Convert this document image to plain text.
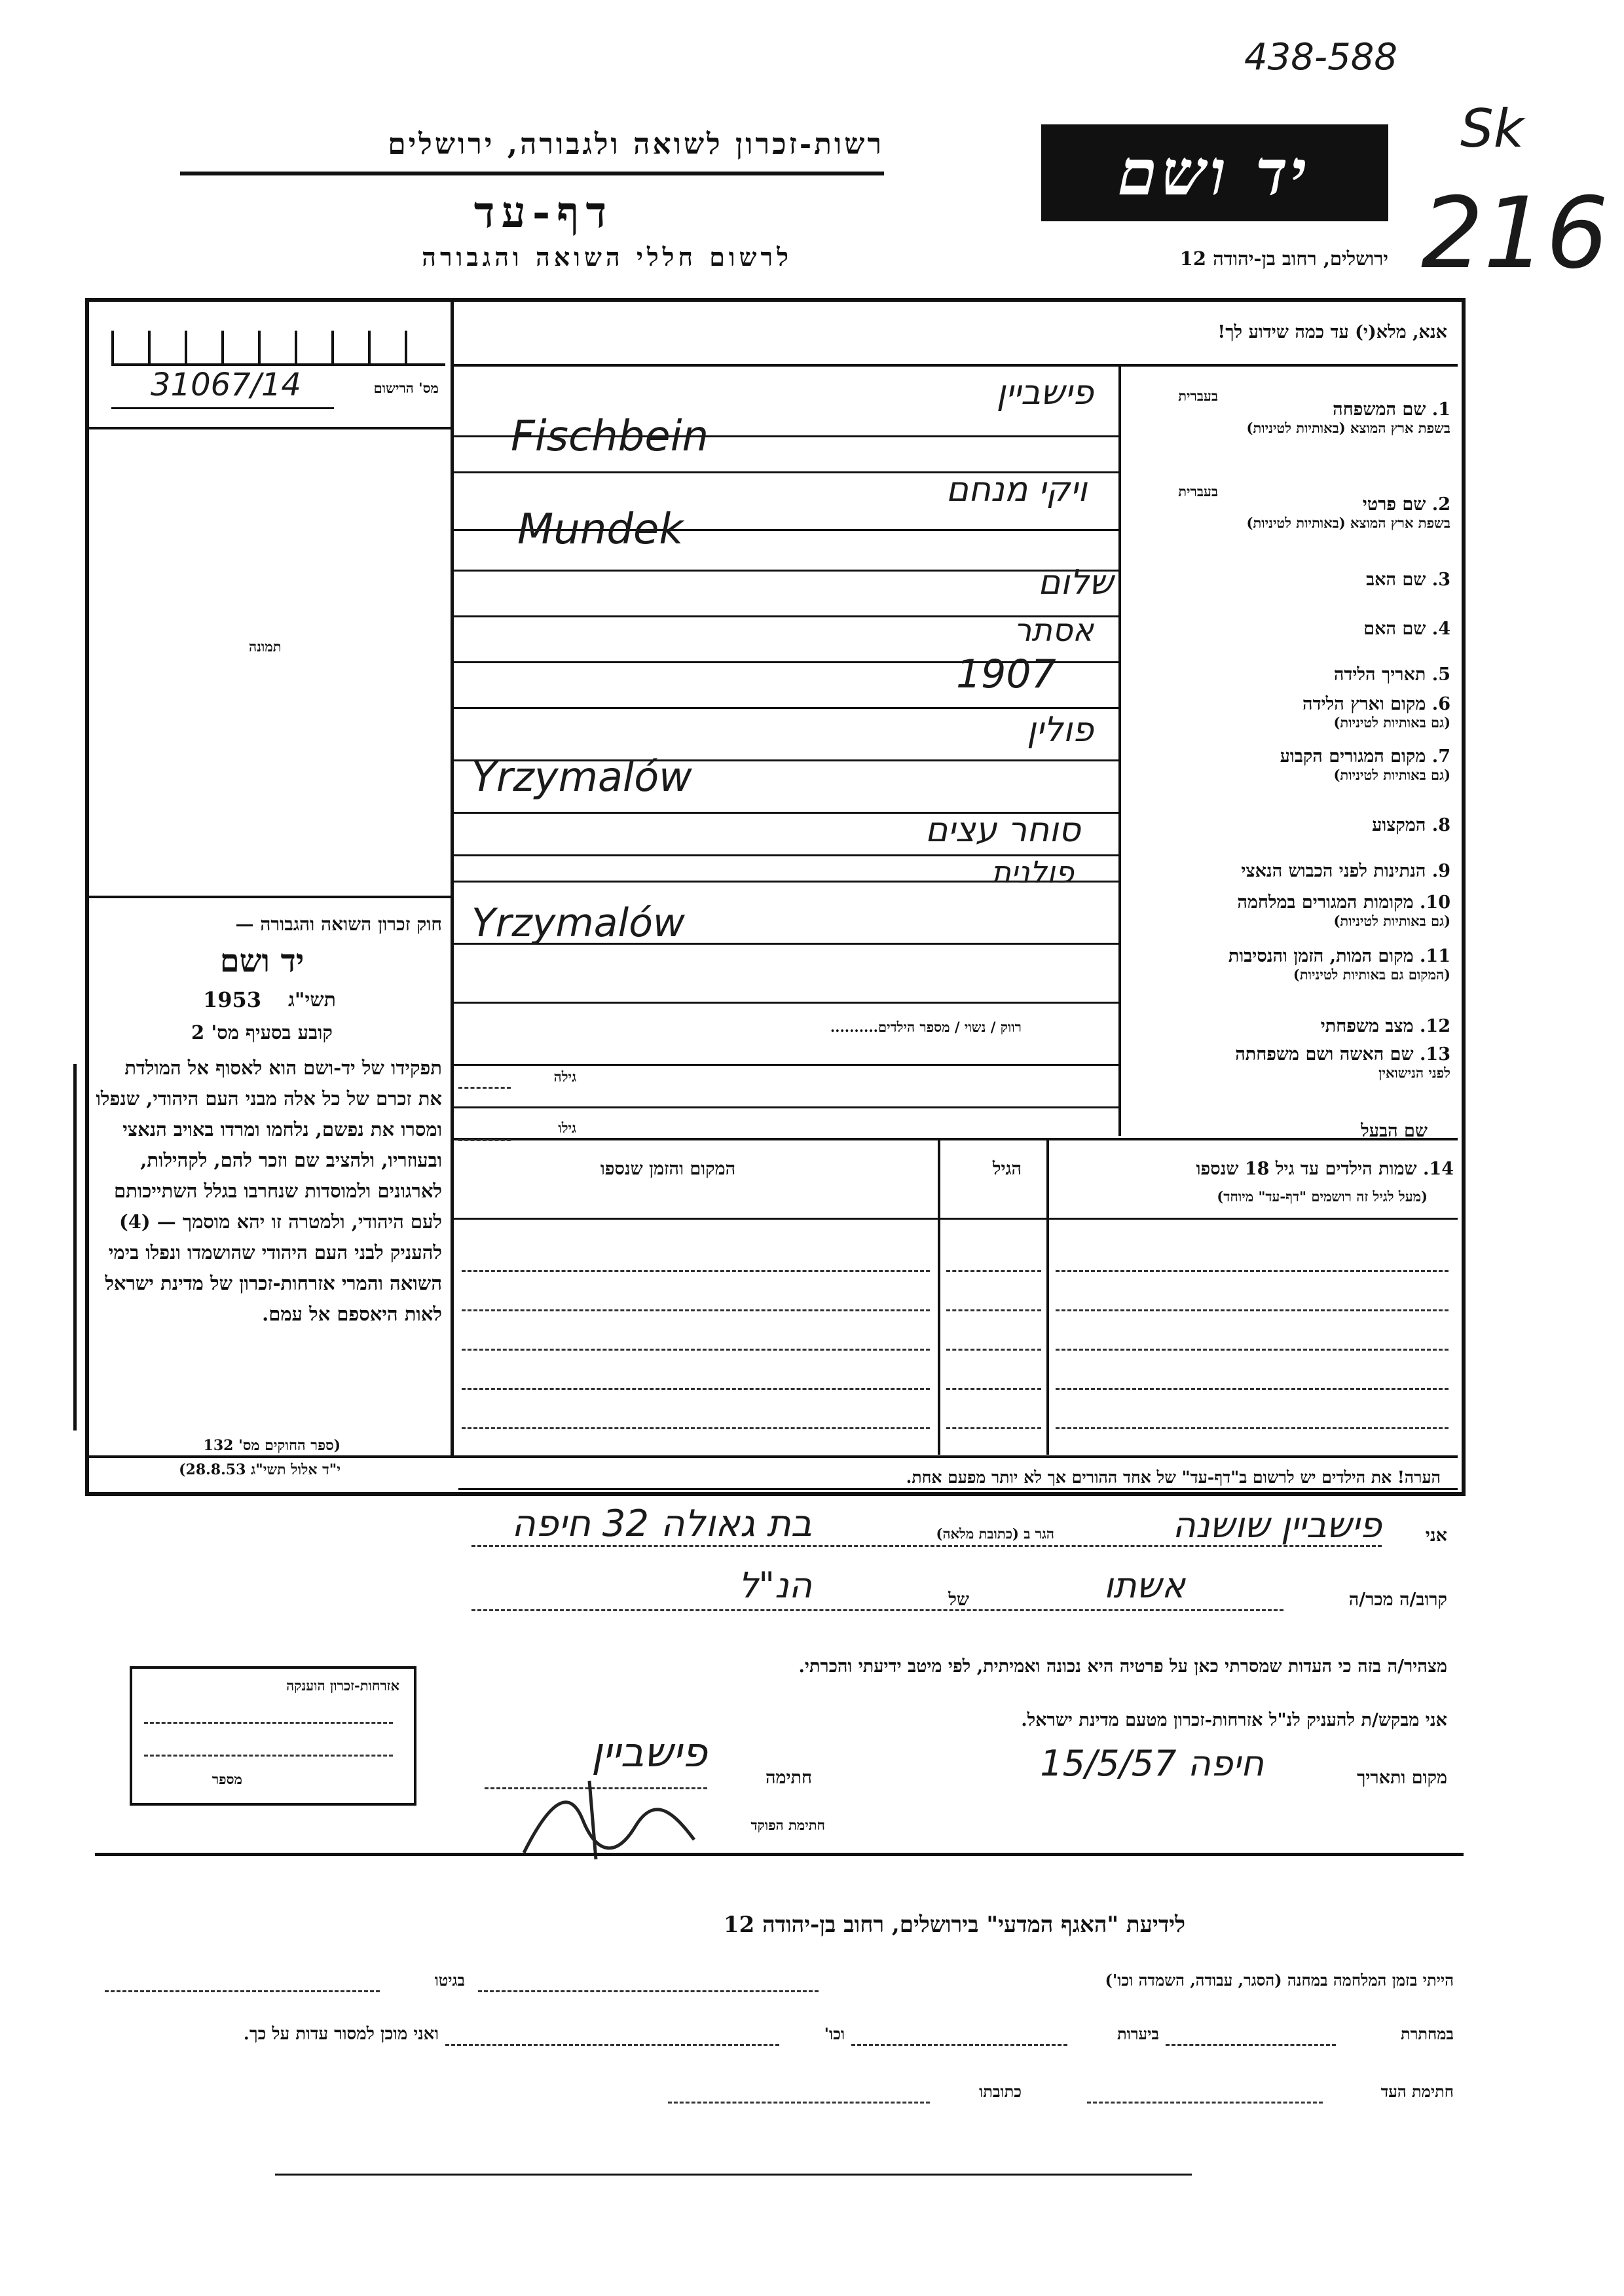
438-588
Sk
216
רשות-זכרון לשואה ולגבורה, ירושלים
דף-עד
לרשום חללי השואה והגבורה
יד ושם
ירושלים, רחוב בן-יהודה 12
אנא, מלא(י) עד כמה שידוע לך!
מס' הרישום
31067/14
תמונה
חוק זכרון השואה והגבורה —
יד ושם
תשי"ג
1953
קובע בסעיף מס' 2
תפקידו של יד-ושם הוא לאסוף אל המולדת את זכרם של כל אלה מבני העם היהודי, שנפלו ומסרו את נפשם, נלחמו ומרדו באויב הנאצי ובעוזריו, ולהציב שם וזכר להם, לקהילות, לארגונים ולמוסדות שנחרבו בגלל השתייכותם לעם היהודי, ולמטרה זו יהא מוסמך — (4) להעניק לבני העם היהודי שהושמדו ונפלו בימי השואה והמרי אזרחות-זכרון של מדינת ישראל לאות היאספם אל עמם.
(ספר החוקים מס' 132
י"ד אלול תשי"ג 28.8.53)
בעברית
בעברית
1. שם המשפחה
בשפת ארץ המוצא (באותיות לטיניות)
2. שם פרטי
בשפת ארץ המוצא (באותיות לטיניות)
3. שם האב
4. שם האם
5. תאריך הלידה
6. מקום וארץ הלידה
(גם באותיות לטיניות)
7. מקום המגורים הקבוע
(גם באותיות לטיניות)
8. המקצוע
9. הנתינות לפני הכבוש הנאצי
10. מקומות המגורים במלחמה
(גם באותיות לטיניות)
11. מקום המות, הזמן והנסיבות
(המקום גם באותיות לטיניות)
12. מצב משפחתי
13. שם האשה ושם משפחתה
לפני הנישואין
שם הבעל
רווק / נשוי / מספר הילדים..........
גילה
גילו
פישביין
Fischbein
ויקי מנחם
Mundek
שלום
אסתר
1907
פולין
Yrzymalów
סוחר עצים
פולנית
Yrzymalów
14. שמות הילדים עד גיל 18 שנספו
(מעל לגיל זה רושמים "דף-עד" מיוחד)
הגיל
המקום והזמן שנספו
הערה! את הילדים יש לרשום ב"דף-עד" של אחד ההורים אך לא יותר מפעם אחת.
אני
פישביין שושנה
הגר ב (כתובת מלאה)
בת גאולה 32 חיפה
קרוב/ה מכר/ה
אשתו
של
הנ"ל
מצהיר/ה בזה כי העדות שמסרתי כאן על פרטיה היא נכונה ואמיתית, לפי מיטב ידיעתי והכרתי.
אני מבקש/ת להעניק לנ"ל אזרחות-זכרון מטעם מדינת ישראל.
מקום ותאריך
חיפה 15/5/57
חתימה
פישביין
חתימת הפוקד
אזרחות-זכרון הוענקה
מספר
לידיעת "האגף המדעי" בירושלים, רחוב בן-יהודה 12
הייתי בזמן המלחמה במחנה (הסגר, עבודה, השמדה וכו')
בגיטו
במחתרת
ביערות
וכו'
ואני מוכן למסור עדות על כך.
חתימת העד
כתובתו
